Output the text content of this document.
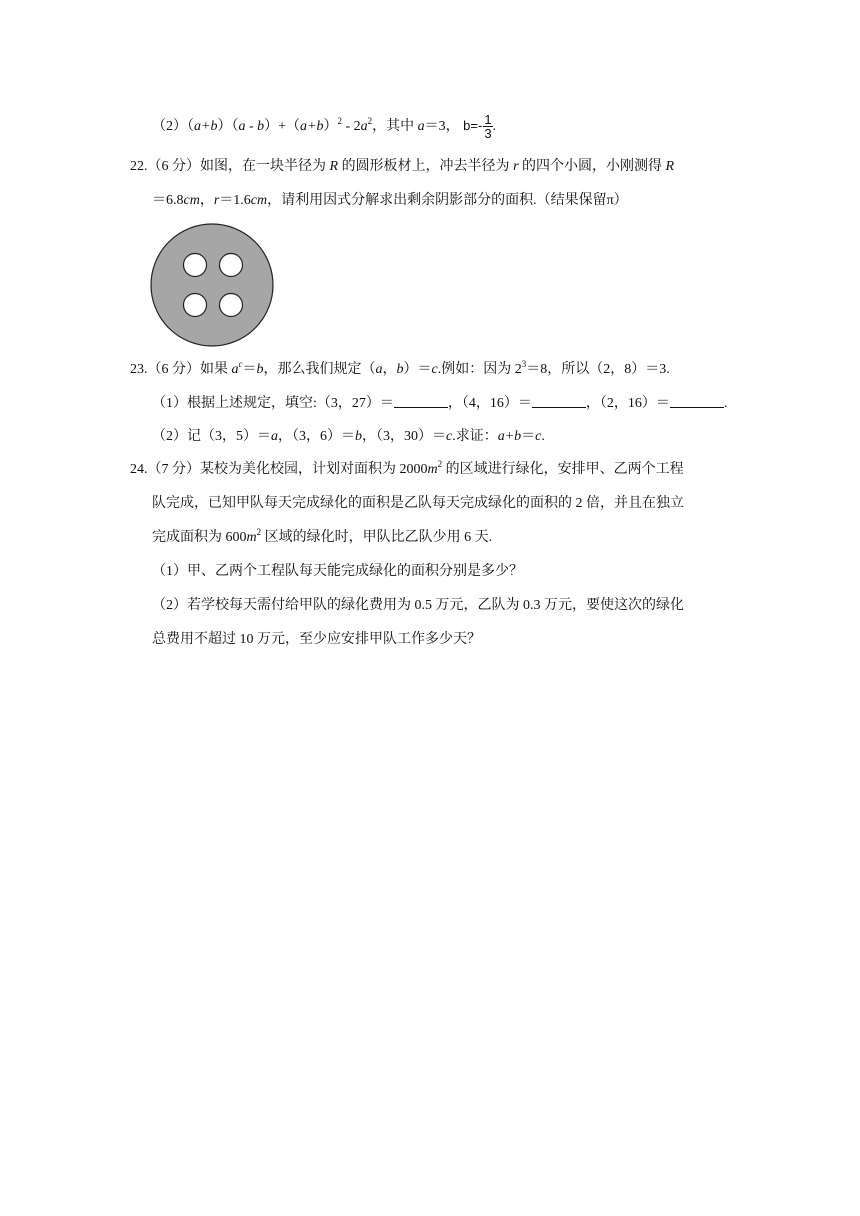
$(2)(a+b)(a - b)+(a+b)^2 - 2a^2$，其中 a＝3， $b=- \frac{1}{3}$ .
22.（6 分）如图，在一块半径为 R 的圆形板材上，冲去半径为 r 的四个小圆，小刚测得 R
＝6.8cm，r＝1.6cm，请利用因式分解求出剩余阴影部分的面积.（结果保留π）
23.（6 分）如果 $a^c=b$，那么我们规定（a，b）＝c.例如：因为 $2^3=8$，所以（2，8）＝3.
（1）根据上述规定，填空:（3，27）＝	，（4，16）＝	，（2，16）＝	.
（2）记（3，5）＝a，（3，6）＝b，（3，30）＝c.求证：a+b＝c.
24.（7 分）某校为美化校园，计划对面积为 $2000m^2$ 的区域进行绿化，安排甲、乙两个工程
队完成，已知甲队每天完成绿化的面积是乙队每天完成绿化的面积的 2 倍，并且在独立
完成面积为 $600m^2$ 区域的绿化时，甲队比乙队少用 6 天.
（1）甲、乙两个工程队每天能完成绿化的面积分别是多少？
（2）若学校每天需付给甲队的绿化费用为 0.5 万元，乙队为 0.3 万元，要使这次的绿化
总费用不超过 10 万元，至少应安排甲队工作多少天？
